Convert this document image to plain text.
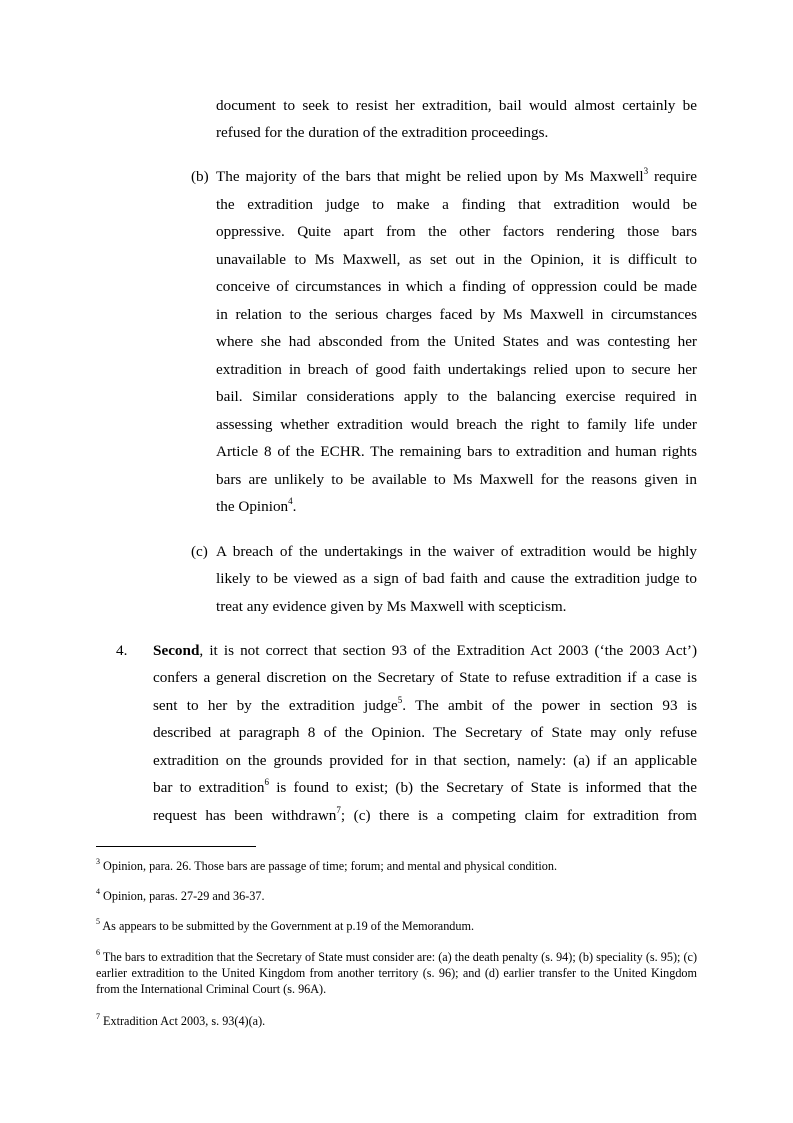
document to seek to resist her extradition, bail would almost certainly be
refused for the duration of the extradition proceedings.
(b) The majority of the bars that might be relied upon by Ms Maxwell$^3$ require
the extradition judge to make a finding that extradition would be
oppressive. Quite apart from the other factors rendering those bars
unavailable to Ms Maxwell, as set out in the Opinion, it is difficult to
conceive of circumstances in which a finding of oppression could be made
in relation to the serious charges faced by Ms Maxwell in circumstances
where she had absconded from the United States and was contesting her
extradition in breach of good faith undertakings relied upon to secure her
bail. Similar considerations apply to the balancing exercise required in
assessing whether extradition would breach the right to family life under
Article 8 of the ECHR. The remaining bars to extradition and human rights
bars are unlikely to be available to Ms Maxwell for the reasons given in
the Opinion$^4$.
(c) A breach of the undertakings in the waiver of extradition would be highly
likely to be viewed as a sign of bad faith and cause the extradition judge to
treat any evidence given by Ms Maxwell with scepticism.
4. Second, it is not correct that section 93 of the Extradition Act 2003 (‘the 2003 Act’)
confers a general discretion on the Secretary of State to refuse extradition if a case is
sent to her by the extradition judge$^5$. The ambit of the power in section 93 is
described at paragraph 8 of the Opinion. The Secretary of State may only refuse
extradition on the grounds provided for in that section, namely: (a) if an applicable
bar to extradition$^6$ is found to exist; (b) the Secretary of State is informed that the
request has been withdrawn$^7$; (c) there is a competing claim for extradition from
$^3$ Opinion, para. 26. Those bars are passage of time; forum; and mental and physical condition.
$^4$ Opinion, paras. 27-29 and 36-37.
$^5$ As appears to be submitted by the Government at p.19 of the Memorandum.
$^6$ The bars to extradition that the Secretary of State must consider are: (a) the death penalty (s. 94); (b) speciality (s. 95); (c) earlier extradition to the United Kingdom from another territory (s. 96); and (d) earlier transfer to the United Kingdom from the International Criminal Court (s. 96A).
$^7$ Extradition Act 2003, s. 93(4)(a).
